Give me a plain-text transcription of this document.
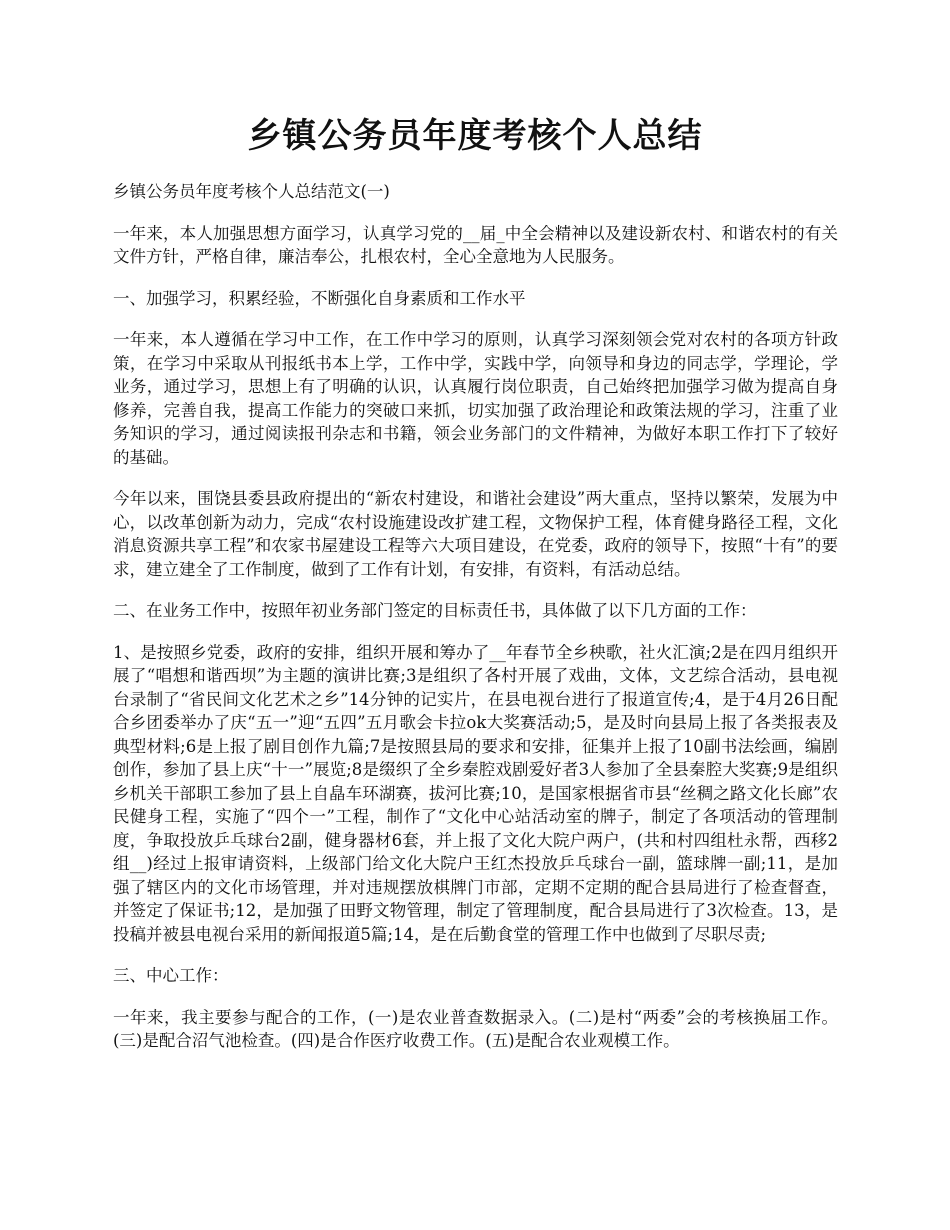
乡镇公务员年度考核个人总结

乡镇公务员年度考核个人总结范文(一)

一年来，本人加强思想方面学习，认真学习党的__届_中全会精神以及建设新农村、和谐农村的有关文件方针，严格自律，廉洁奉公，扎根农村，全心全意地为人民服务。

一、加强学习，积累经验，不断强化自身素质和工作水平

一年来，本人遵循在学习中工作，在工作中学习的原则，认真学习深刻领会党对农村的各项方针政策，在学习中采取从刊报纸书本上学，工作中学，实践中学，向领导和身边的同志学，学理论，学业务，通过学习，思想上有了明确的认识，认真履行岗位职责，自己始终把加强学习做为提高自身修养，完善自我，提高工作能力的突破口来抓，切实加强了政治理论和政策法规的学习，注重了业务知识的学习，通过阅读报刊杂志和书籍，领会业务部门的文件精神，为做好本职工作打下了较好的基础。

今年以来，围饶县委县政府提出的“新农村建设，和谐社会建设”两大重点，坚持以繁荣，发展为中心，以改革创新为动力，完成“农村设施建设改扩建工程，文物保护工程，体育健身路径工程，文化消息资源共享工程”和农家书屋建设工程等六大项目建设，在党委，政府的领导下，按照“十有”的要求，建立建全了工作制度，做到了工作有计划，有安排，有资料，有活动总结。

二、在业务工作中，按照年初业务部门签定的目标责任书，具体做了以下几方面的工作：

1、是按照乡党委，政府的安排，组织开展和筹办了__年春节全乡秧歌，社火汇演;2是在四月组织开展了“唱想和谐西坝”为主题的演讲比赛;3是组织了各村开展了戏曲，文体，文艺综合活动，县电视台录制了“省民间文化艺术之乡”14分钟的记实片，在县电视台进行了报道宣传;4，是于4月26日配合乡团委举办了庆“五一”迎“五四”五月歌会卡拉ok大奖赛活动;5，是及时向县局上报了各类报表及典型材料;6是上报了剧目创作九篇;7是按照县局的要求和安排，征集并上报了10副书法绘画，编剧创作，参加了县上庆“十一”展览;8是缀织了全乡秦腔戏剧爱好者3人参加了全县秦腔大奖赛;9是组织乡机关干部职工参加了县上自皛车环湖赛，拔河比赛;10，是国家根据省市县“丝稠之路文化长廊”农民健身工程，实施了“四个一”工程，制作了“文化中心站活动室的牌子，制定了各项活动的管理制度，争取投放乒乓球台2副，健身器材6套，并上报了文化大院户两户，(共和村四组杜永帮，西移2组__)经过上报审请资料，上级部门给文化大院户王红杰投放乒乓球台一副，篮球牌一副;11，是加强了辖区内的文化市场管理，并对违规摆放棋牌门市部，定期不定期的配合县局进行了检查督查，并签定了保证书;12，是加强了田野文物管理，制定了管理制度，配合县局进行了3次检查。13，是投稿并被县电视台采用的新闻报道5篇;14，是在后勤食堂的管理工作中也做到了尽职尽责;

三、中心工作：

一年来，我主要参与配合的工作，(一)是农业普查数据录入。(二)是村“两委”会的考核换届工作。(三)是配合沼气池检查。(四)是合作医疗收费工作。(五)是配合农业观模工作。
